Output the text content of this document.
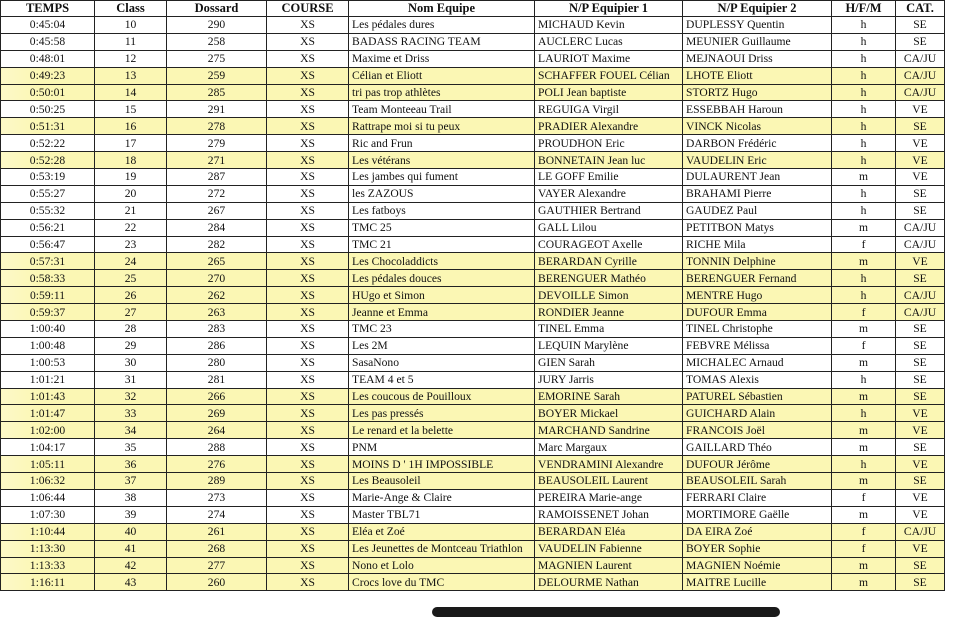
TEMPS	Class	Dossard	COURSE	Nom Equipe	N/P Equipier 1	N/P Equipier 2	H/F/M	CAT.
0:45:04	10	290	XS	Les pédales dures	MICHAUD Kevin	DUPLESSY Quentin	h	SE
0:45:58	11	258	XS	BADASS RACING TEAM	AUCLERC Lucas	MEUNIER Guillaume	h	SE
0:48:01	12	275	XS	Maxime et Driss	LAURIOT Maxime	MEJNAOUI Driss	h	CA/JU
0:49:23	13	259	XS	Célian et Eliott	SCHAFFER FOUEL Célian	LHOTE Eliott	h	CA/JU
0:50:01	14	285	XS	tri pas trop athlètes	POLI Jean baptiste	STORTZ Hugo	h	CA/JU
0:50:25	15	291	XS	Team Monteeau Trail	REGUIGA Virgil	ESSEBBAH Haroun	h	VE
0:51:31	16	278	XS	Rattrape moi si tu peux	PRADIER Alexandre	VINCK Nicolas	h	SE
0:52:22	17	279	XS	Ric and Frun	PROUDHON Eric	DARBON Frédéric	h	VE
0:52:28	18	271	XS	Les vétérans	BONNETAIN Jean luc	VAUDELIN Eric	h	VE
0:53:19	19	287	XS	Les jambes qui fument	LE GOFF Emilie	DULAURENT Jean	m	VE
0:55:27	20	272	XS	les ZAZOUS	VAYER Alexandre	BRAHAMI Pierre	h	SE
0:55:32	21	267	XS	Les fatboys	GAUTHIER Bertrand	GAUDEZ Paul	h	SE
0:56:21	22	284	XS	TMC 25	GALL Lilou	PETITBON Matys	m	CA/JU
0:56:47	23	282	XS	TMC 21	COURAGEOT Axelle	RICHE Mila	f	CA/JU
0:57:31	24	265	XS	Les Chocoladdicts	BERARDAN Cyrille	TONNIN Delphine	m	VE
0:58:33	25	270	XS	Les pédales douces	BERENGUER Mathéo	BERENGUER Fernand	h	SE
0:59:11	26	262	XS	HUgo et Simon	DEVOILLE Simon	MENTRE Hugo	h	CA/JU
0:59:37	27	263	XS	Jeanne et Emma	RONDIER Jeanne	DUFOUR Emma	f	CA/JU
1:00:40	28	283	XS	TMC 23	TINEL Emma	TINEL Christophe	m	SE
1:00:48	29	286	XS	Les 2M	LEQUIN Marylène	FEBVRE Mélissa	f	SE
1:00:53	30	280	XS	SasaNono	GIEN Sarah	MICHALEC Arnaud	m	SE
1:01:21	31	281	XS	TEAM 4 et 5	JURY Jarris	TOMAS Alexis	h	SE
1:01:43	32	266	XS	Les coucous de Pouilloux	EMORINE Sarah	PATUREL Sébastien	m	SE
1:01:47	33	269	XS	Les pas pressés	BOYER Mickael	GUICHARD Alain	h	VE
1:02:00	34	264	XS	Le renard et la belette	MARCHAND Sandrine	FRANCOIS Joël	m	VE
1:04:17	35	288	XS	PNM	Marc Margaux	GAILLARD Théo	m	SE
1:05:11	36	276	XS	MOINS D ' 1H IMPOSSIBLE	VENDRAMINI Alexandre	DUFOUR Jérôme	h	VE
1:06:32	37	289	XS	Les Beausoleil	BEAUSOLEIL Laurent	BEAUSOLEIL Sarah	m	SE
1:06:44	38	273	XS	Marie-Ange & Claire	PEREIRA Marie-ange	FERRARI Claire	f	VE
1:07:30	39	274	XS	Master TBL71	RAMOISSENET Johan	MORTIMORE Gaëlle	m	VE
1:10:44	40	261	XS	Eléa et Zoé	BERARDAN Eléa	DA EIRA Zoé	f	CA/JU
1:13:30	41	268	XS	Les Jeunettes de Montceau Triathlon	VAUDELIN Fabienne	BOYER Sophie	f	VE
1:13:33	42	277	XS	Nono et Lolo	MAGNIEN Laurent	MAGNIEN Noémie	m	SE
1:16:11	43	260	XS	Crocs love du TMC	DELOURME Nathan	MAITRE Lucille	m	SE
